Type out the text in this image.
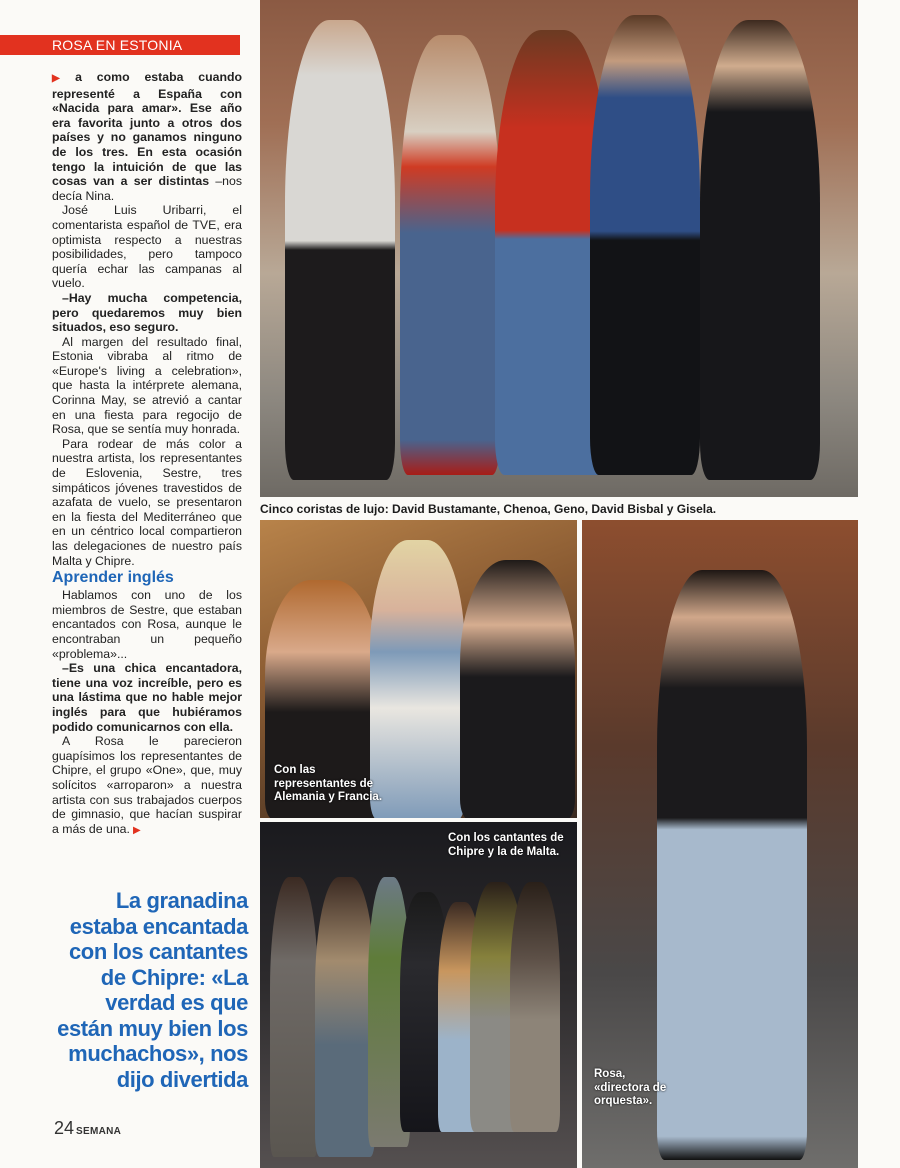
ROSA EN ESTONIA

▶ a como estaba cuando representé a España con «Nacida para amar». Ese año era favorita junto a otros dos países y no ganamos ninguno de los tres. En esta ocasión tengo la intuición de que las cosas van a ser distintas –nos decía Nina.

José Luis Uribarri, el comentarista español de TVE, era optimista respecto a nuestras posibilidades, pero tampoco quería echar las campanas al vuelo.

–Hay mucha competencia, pero quedaremos muy bien situados, eso seguro.

Al margen del resultado final, Estonia vibraba al ritmo de «Europe's living a celebration», que hasta la intérprete alemana, Corinna May, se atrevió a cantar en una fiesta para regocijo de Rosa, que se sentía muy honrada.

Para rodear de más color a nuestra artista, los representantes de Eslovenia, Sestre, tres simpáticos jóvenes travestidos de azafata de vuelo, se presentaron en la fiesta del Mediterráneo que en un céntrico local compartieron las delegaciones de nuestro país Malta y Chipre.

Aprender inglés

Hablamos con uno de los miembros de Sestre, que estaban encantados con Rosa, aunque le encontraban un pequeño «problema»...

–Es una chica encantadora, tiene una voz increíble, pero es una lástima que no hable mejor inglés para que hubiéramos podido comunicarnos con ella.

A Rosa le parecieron guapísimos los representantes de Chipre, el grupo «One», que, muy solícitos «arroparon» a nuestra artista con sus trabajados cuerpos de gimnasio, que hacían suspirar a más de una. ▶

La granadina estaba encantada con los cantantes de Chipre: «La verdad es que están muy bien los muchachos», nos dijo divertida
24 SEMANA
Cinco coristas de lujo: David Bustamante, Chenoa, Geno, David Bisbal y Gisela.
Con las representantes de Alemania y Francia.
Con los cantantes de Chipre y la de Malta.
Rosa, «directora de orquesta».
